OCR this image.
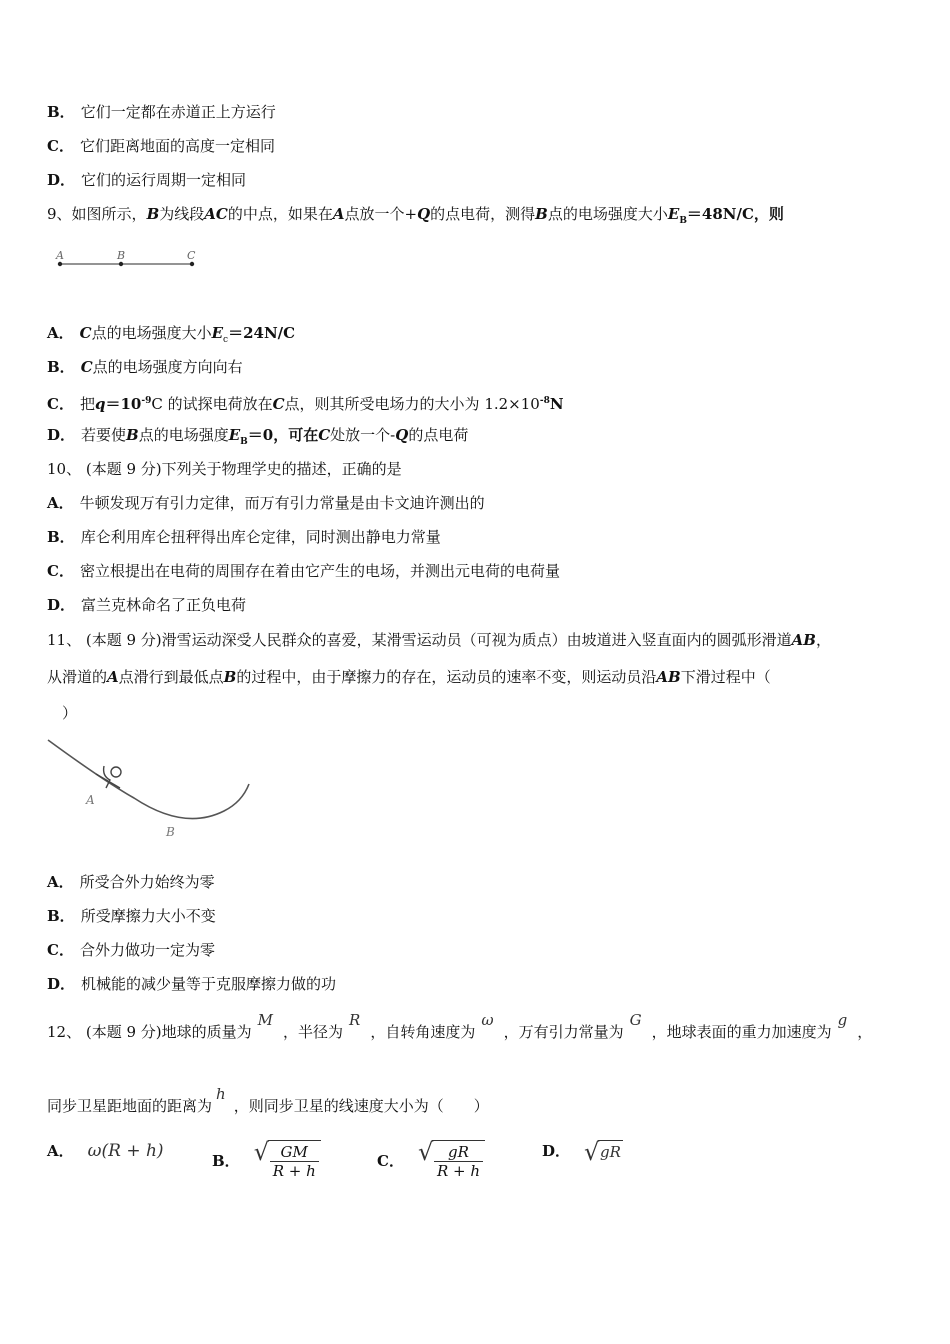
B． 它们一定都在赤道正上方运行
C． 它们距离地面的高度一定相同
D． 它们的运行周期一定相同
9、如图所示，B为线段AC的中点，如果在A点放一个+Q的点电荷，测得B点的电场强度大小$E_B=48N/C$，则
A	B	C
A． C点的电场强度大小$E_c=24N/C$
B． C点的电场强度方向向右
C． 把$q=10^{-9}C$ 的试探电荷放在C点，则其所受电场力的大小为 $1.2\times 10^{-8}N$
D． 若要使B点的电场强度$E_B=0$，可在C处放一个-Q的点电荷
10、 (本题 9 分)下列关于物理学史的描述，正确的是
A． 牛顿发现万有引力定律，而万有引力常量是由卡文迪许测出的
B． 库仑利用库仑扭秤得出库仑定律，同时测出静电力常量
C． 密立根提出在电荷的周围存在着由它产生的电场，并测出元电荷的电荷量
D． 富兰克林命名了正负电荷
11、 (本题 9 分)滑雪运动深受人民群众的喜爱，某滑雪运动员（可视为质点）由坡道进入竖直面内的圆弧形滑道AB，
从滑道的A点滑行到最低点B的过程中，由于摩擦力的存在，运动员的速率不变，则运动员沿AB下滑过程中（
）
A
B
A． 所受合外力始终为零
B． 所受摩擦力大小不变
C． 合外力做功一定为零
D． 机械能的减少量等于克服摩擦力做的功
12、 (本题 9 分)地球的质量为M，半径为R，自转角速度为ω，万有引力常量为G，地球表面的重力加速度为g，
同步卫星距地面的距离为h，则同步卫星的线速度大小为（　　）
A． ω(R + h)	B． √ $\frac{GM}{R + h}$	C． √ $\frac{gR}{R + h}$	D． √ gR
